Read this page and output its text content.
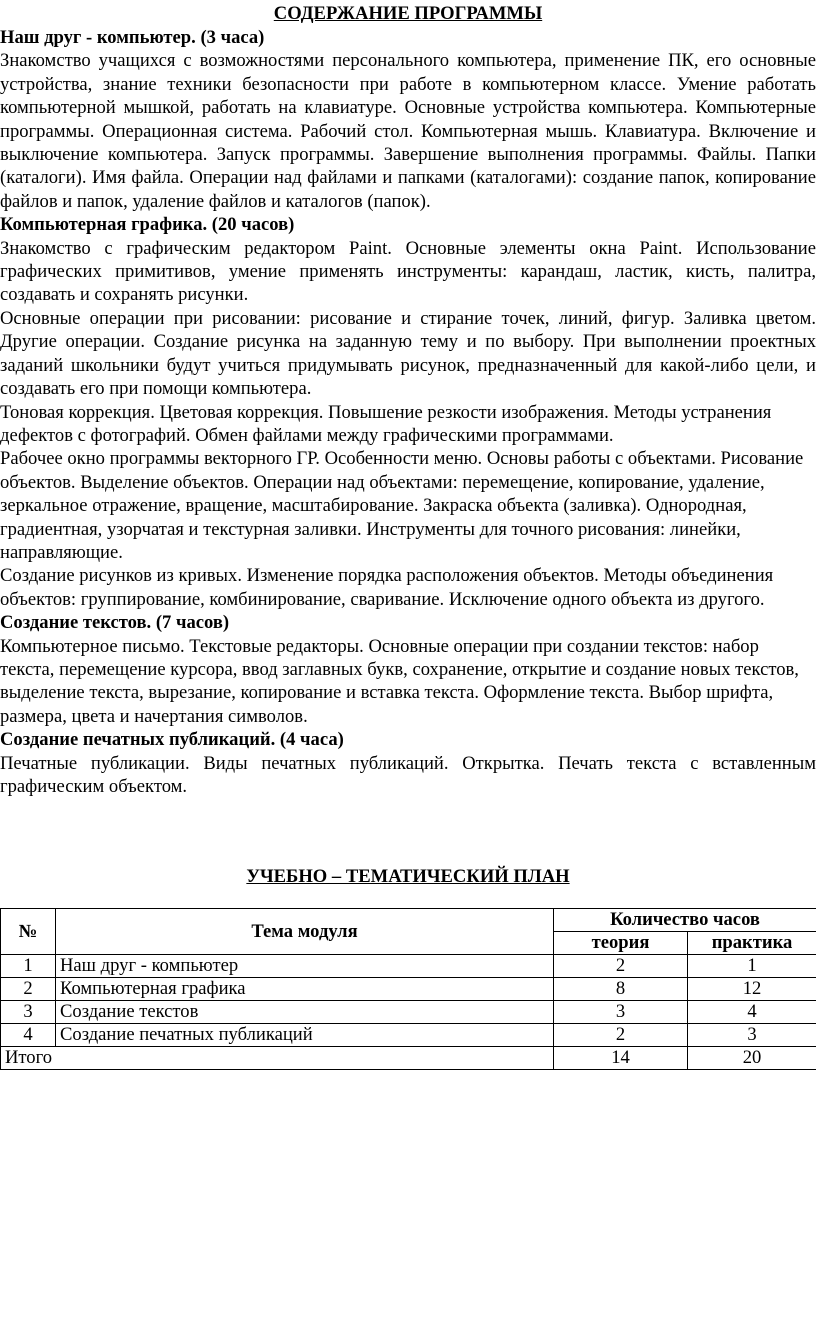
СОДЕРЖАНИЕ ПРОГРАММЫ

Наш друг - компьютер. (3 часа)

Знакомство учащихся с возможностями персонального компьютера, применение ПК, его основные устройства, знание техники безопасности при работе в компьютерном классе. Умение работать компьютерной мышкой, работать на клавиатуре. Основные устройства компьютера. Компьютерные программы. Операционная система. Рабочий стол. Компьютерная мышь. Клавиатура. Включение и выключение компьютера. Запуск программы. Завершение выполнения программы. Файлы. Папки (каталоги). Имя файла. Операции над файлами и папками (каталогами): создание папок, копирование файлов и папок, удаление файлов и каталогов (папок).

Компьютерная графика. (20 часов)

Знакомство с графическим редактором Paint. Основные элементы окна Paint. Использование графических примитивов, умение применять инструменты: карандаш, ластик, кисть, палитра, создавать и сохранять рисунки.

Основные операции при рисовании: рисование и стирание точек, линий, фигур. Заливка цветом. Другие операции. Создание рисунка на заданную тему и по выбору. При выполнении проектных заданий школьники будут учиться придумывать рисунок, предназначенный для какой-либо цели, и создавать его при помощи компьютера.

Тоновая коррекция. Цветовая коррекция. Повышение резкости изображения. Методы устранения дефектов с фотографий. Обмен файлами между графическими программами.

Рабочее окно программы векторного ГР. Особенности меню. Основы работы с объектами. Рисование объектов. Выделение объектов. Операции над объектами: перемещение, копирование, удаление, зеркальное отражение, вращение, масштабирование. Закраска объекта (заливка). Однородная, градиентная, узорчатая и текстурная заливки. Инструменты для точного рисования: линейки, направляющие.

Создание рисунков из кривых. Изменение порядка расположения объектов. Методы объединения объектов: группирование, комбинирование, сваривание. Исключение одного объекта из другого.

Создание текстов. (7 часов)

Компьютерное письмо. Текстовые редакторы. Основные операции при создании текстов: набор текста, перемещение курсора, ввод заглавных букв, сохранение, открытие и создание новых текстов, выделение текста, вырезание, копирование и вставка текста. Оформление текста. Выбор шрифта, размера, цвета и начертания символов.

Создание печатных публикаций. (4 часа)

Печатные публикации. Виды печатных публикаций. Открытка. Печать текста с вставленным графическим объектом.

УЧЕБНО – ТЕМАТИЧЕСКИЙ ПЛАН
№	Тема модуля	Количество часов	
		теория	практика
1	Наш друг - компьютер	2	1
2	Компьютерная графика	8	12
3	Создание текстов	3	4
4	Создание печатных публикаций	2	3
Итого		14	20
